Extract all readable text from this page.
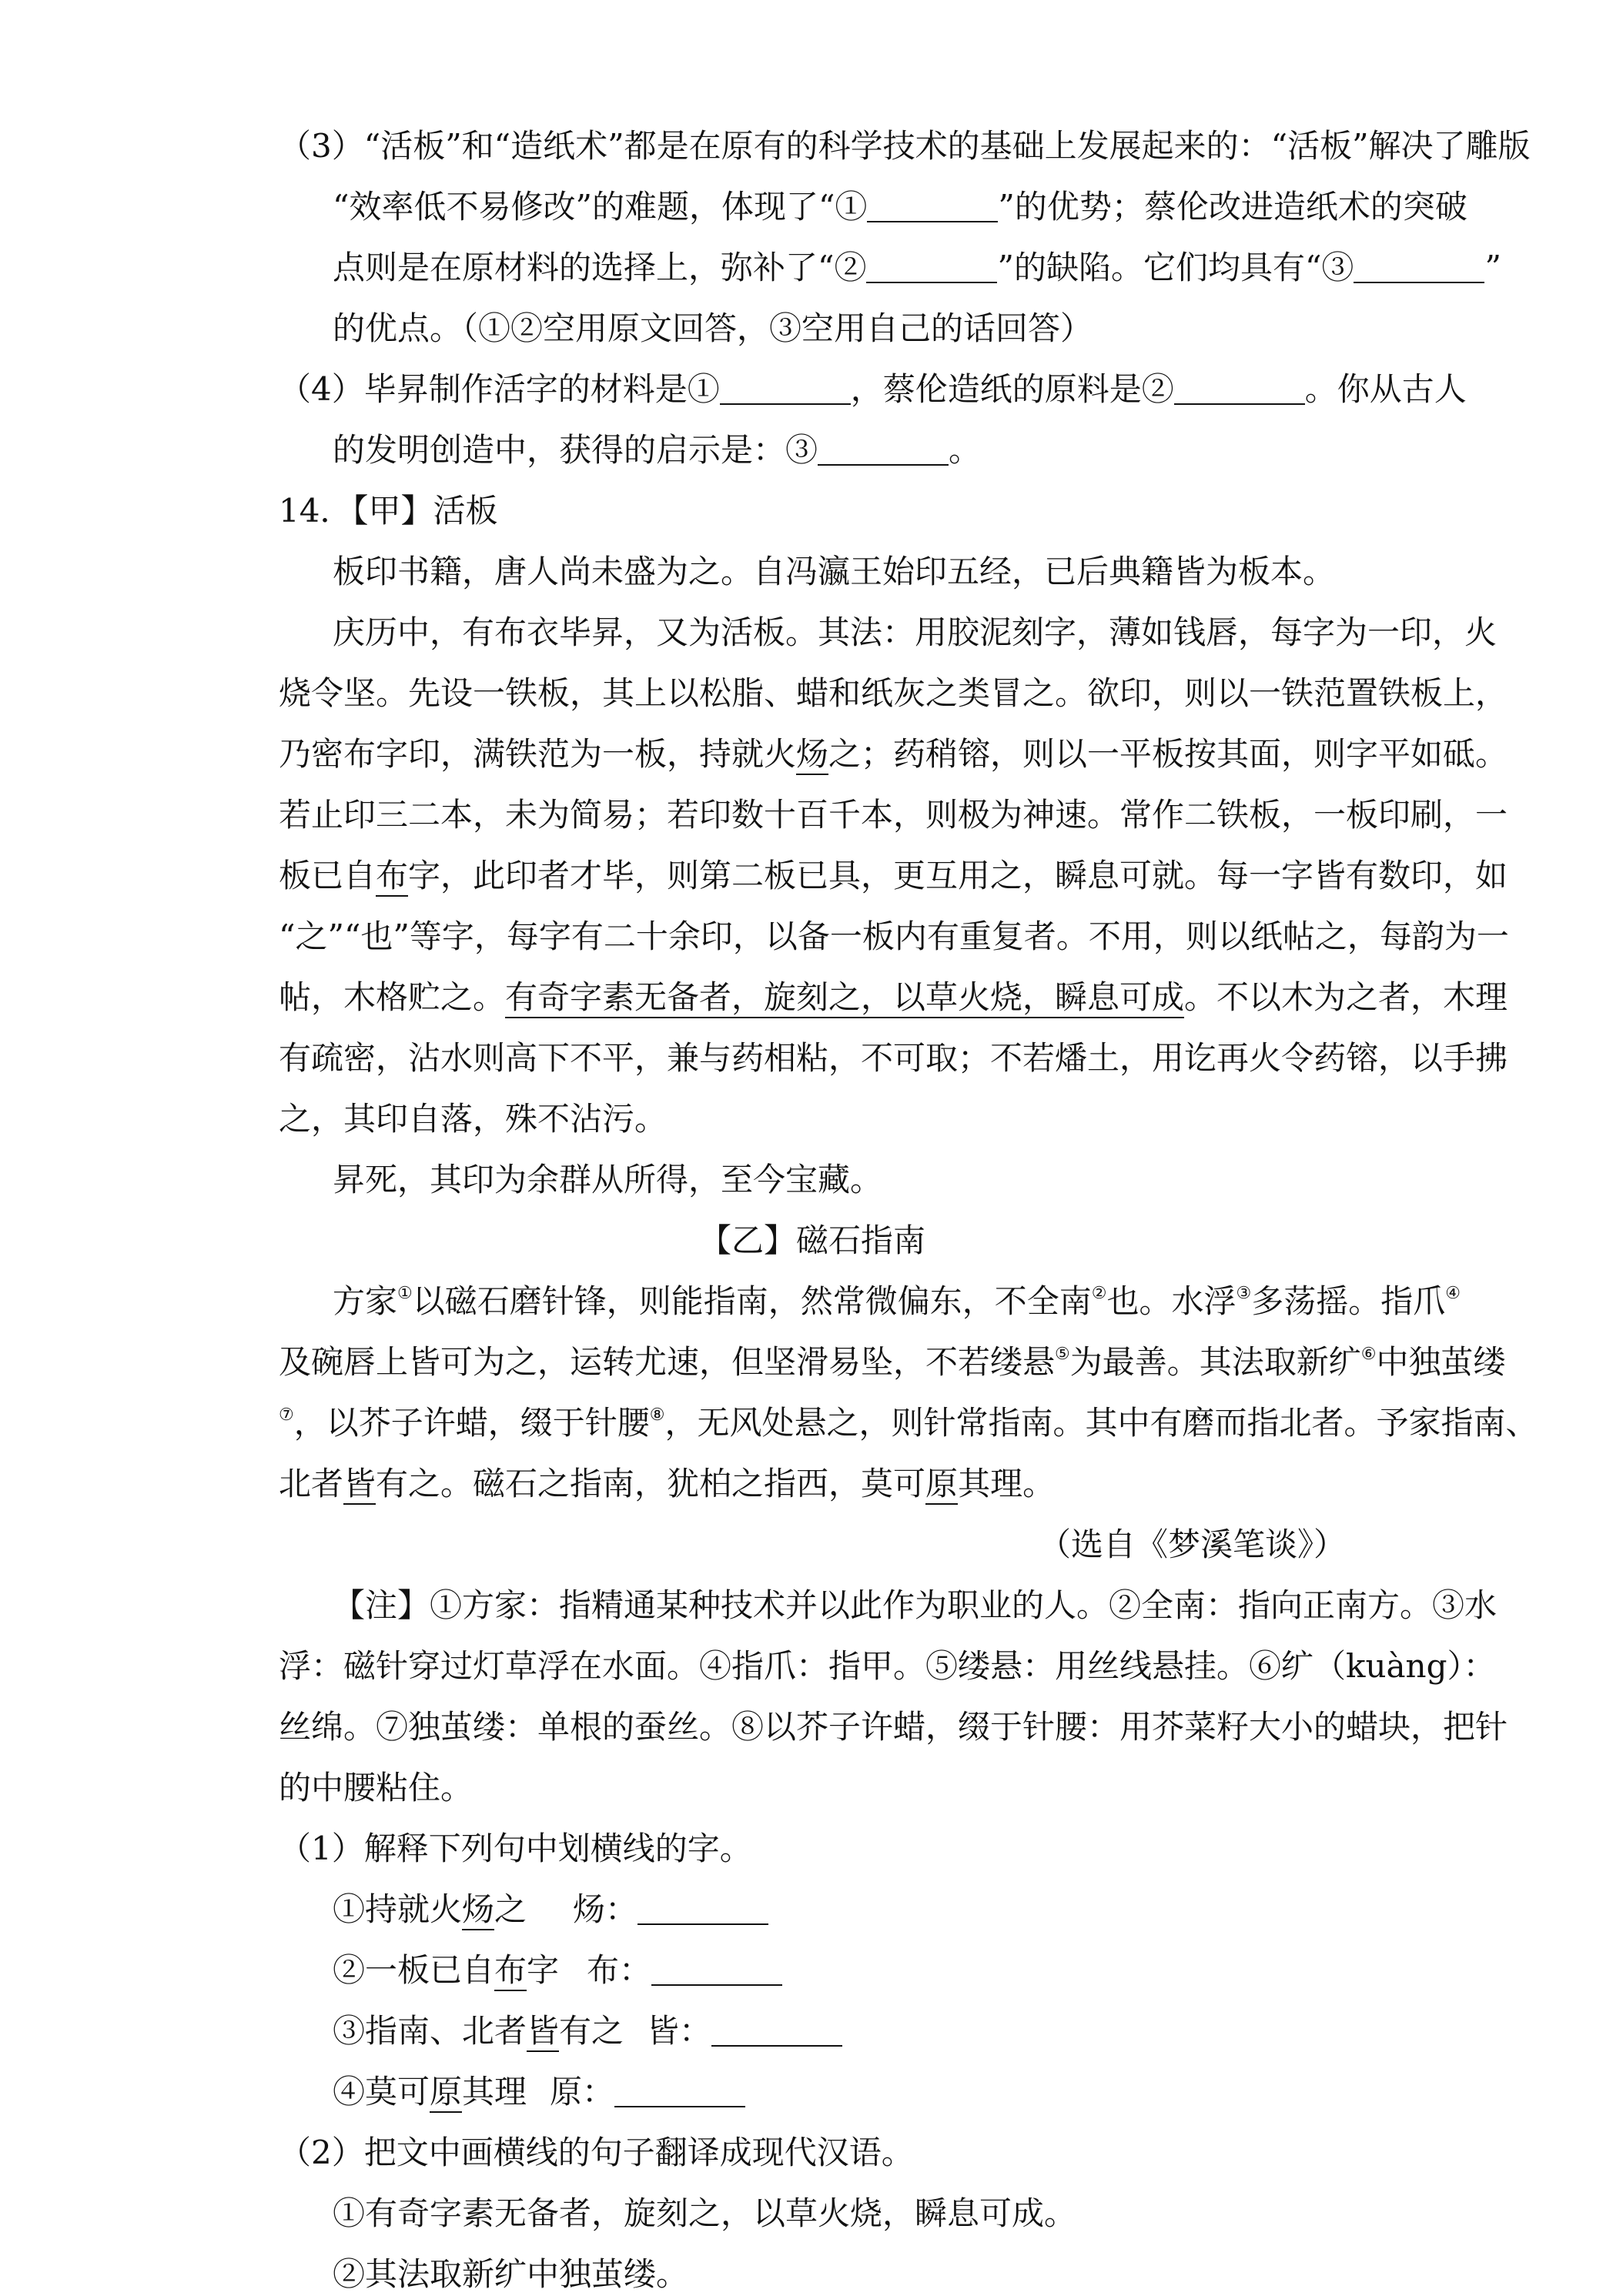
（3）“活板”和“造纸术”都是在原有的科学技术的基础上发展起来的：“活板”解决了雕版
“效率低不易修改”的难题，体现了“①	”的优势；蔡伦改进造纸术的突破
点则是在原材料的选择上，弥补了“②	”的缺陷。它们均具有“③	”
的优点。（①②空用原文回答，③空用自己的话回答）
（4）毕昇制作活字的材料是①	，蔡伦造纸的原料是②	。你从古人
的发明创造中，获得的启示是：③	。
14．【甲】活板
板印书籍，唐人尚未盛为之。自冯瀛王始印五经，已后典籍皆为板本。
庆历中，有布衣毕昇，又为活板。其法：用胶泥刻字，薄如钱唇，每字为一印，火
烧令坚。先设一铁板，其上以松脂、蜡和纸灰之类冒之。欲印，则以一铁范置铁板上，
乃密布字印，满铁范为一板，持就火炀之；药稍镕，则以一平板按其面，则字平如砥。
若止印三二本，未为简易；若印数十百千本，则极为神速。常作二铁板，一板印刷，一
板已自布字，此印者才毕，则第二板已具，更互用之，瞬息可就。每一字皆有数印，如
“之”“也”等字，每字有二十余印，以备一板内有重复者。不用，则以纸帖之，每韵为一
帖，木格贮之。有奇字素无备者，旋刻之，以草火烧，瞬息可成。不以木为之者，木理
有疏密，沾水则高下不平，兼与药相粘，不可取；不若燔土，用讫再火令药镕，以手拂
之，其印自落，殊不沾污。
昇死，其印为余群从所得，至今宝藏。
【乙】磁石指南
方家①以磁石磨针锋，则能指南，然常微偏东，不全南②也。水浮③多荡摇。指爪④
及碗唇上皆可为之，运转尤速，但坚滑易坠，不若缕悬⑤为最善。其法取新纩⑥中独茧缕
⑦，以芥子许蜡，缀于针腰⑧，无风处悬之，则针常指南。其中有磨而指北者。予家指南、
北者皆有之。磁石之指南，犹柏之指西，莫可原其理。
（选自《梦溪笔谈》）
【注】①方家：指精通某种技术并以此作为职业的人。②全南：指向正南方。③水
浮：磁针穿过灯草浮在水面。④指爪：指甲。⑤缕悬：用丝线悬挂。⑥纩（kuàng）：
丝绵。⑦独茧缕：单根的蚕丝。⑧以芥子许蜡，缀于针腰：用芥菜籽大小的蜡块，把针
的中腰粘住。
（1）解释下列句中划横线的字。
①持就火炀之 炀：
②一板已自布字 布：
③指南、北者皆有之 皆：
④莫可原其理 原：
（2）把文中画横线的句子翻译成现代汉语。
①有奇字素无备者，旋刻之，以草火烧，瞬息可成。
②其法取新纩中独茧缕。
